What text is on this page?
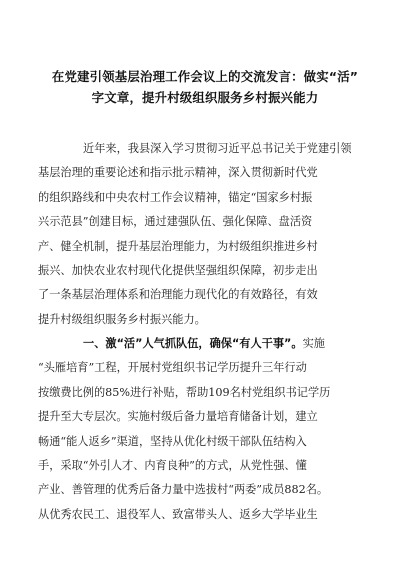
在党建引领基层治理工作会议上的交流发言：做实“活”
字文章，提升村级组织服务乡村振兴能力
近年来，我县深入学习贯彻习近平总书记关于党建引领
基层治理的重要论述和指示批示精神，深入贯彻新时代党
的组织路线和中央农村工作会议精神，锚定“国家乡村振
兴示范县”创建目标，通过建强队伍、强化保障、盘活资
产、健全机制，提升基层治理能力，为村级组织推进乡村
振兴、加快农业农村现代化提供坚强组织保障，初步走出
了一条基层治理体系和治理能力现代化的有效路径，有效
提升村级组织服务乡村振兴能力。
一、激“活”人气抓队伍，确保“有人干事”。实施
“头雁培育”工程，开展村党组织书记学历提升三年行动
按缴费比例的85%进行补贴，帮助109名村党组织书记学历
提升至大专层次。实施村级后备力量培育储备计划，建立
畅通“能人返乡”渠道，坚持从优化村级干部队伍结构入
手，采取“外引人才、内育良种”的方式，从党性强、懂
产业、善管理的优秀后备力量中选拔村“两委”成员882名。
从优秀农民工、退役军人、致富带头人、返乡大学毕业生
